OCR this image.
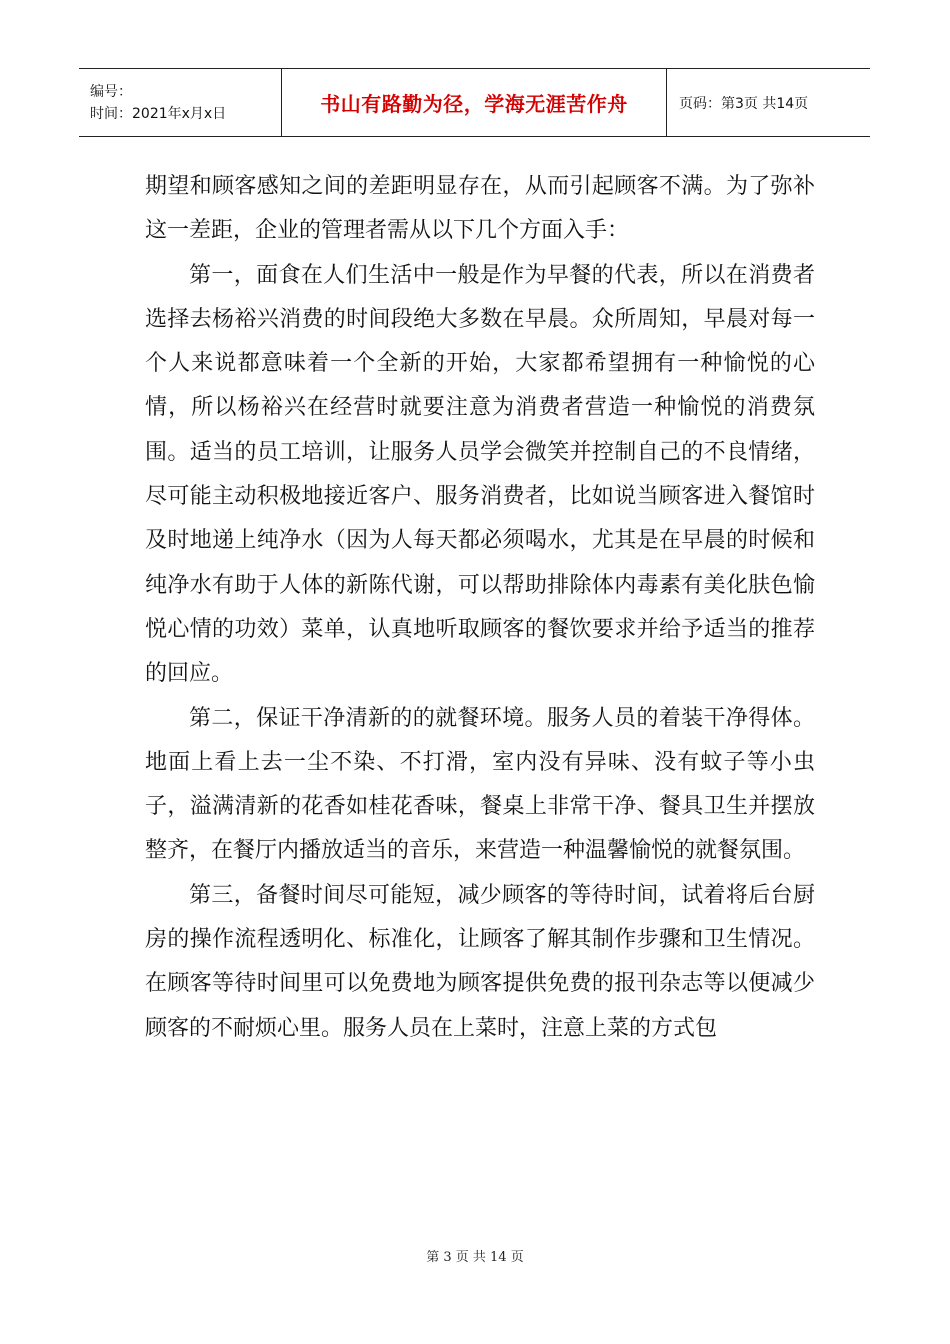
编号：
时间：2021年x月x日	书山有路勤为径，学海无涯苦作舟	页码：第3页 共14页

期望和顾客感知之间的差距明显存在，从而引起顾客不满。为了弥补这一差距，企业的管理者需从以下几个方面入手：

第一，面食在人们生活中一般是作为早餐的代表，所以在消费者选择去杨裕兴消费的时间段绝大多数在早晨。众所周知，早晨对每一个人来说都意味着一个全新的开始，大家都希望拥有一种愉悦的心情，所以杨裕兴在经营时就要注意为消费者营造一种愉悦的消费氛围。适当的员工培训，让服务人员学会微笑并控制自己的不良情绪，尽可能主动积极地接近客户、服务消费者，比如说当顾客进入餐馆时及时地递上纯净水（因为人每天都必须喝水，尤其是在早晨的时候和纯净水有助于人体的新陈代谢，可以帮助排除体内毒素有美化肤色愉悦心情的功效）菜单，认真地听取顾客的餐饮要求并给予适当的推荐的回应。

第二，保证干净清新的的就餐环境。服务人员的着装干净得体。地面上看上去一尘不染、不打滑，室内没有异味、没有蚊子等小虫子，溢满清新的花香如桂花香味，餐桌上非常干净、餐具卫生并摆放整齐，在餐厅内播放适当的音乐，来营造一种温馨愉悦的就餐氛围。

第三，备餐时间尽可能短，减少顾客的等待时间，试着将后台厨房的操作流程透明化、标准化，让顾客了解其制作步骤和卫生情况。在顾客等待时间里可以免费地为顾客提供免费的报刊杂志等以便减少顾客的不耐烦心里。服务人员在上菜时，注意上菜的方式包

第 3 页 共 14 页
